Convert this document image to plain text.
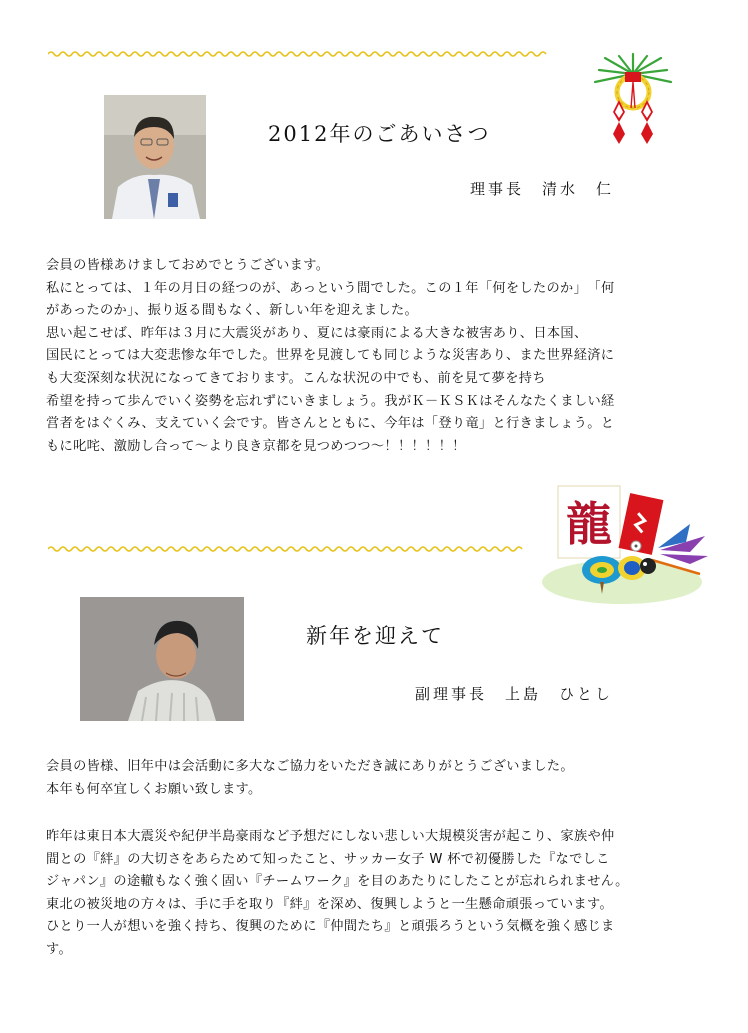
2012年のごあいさつ
理事長　清水　仁

会員の皆様あけましておめでとうございます。

私にとっては、１年の月日の経つのが、あっという間でした。この１年「何をしたのか」　「何

があったのか」、振り返る間もなく、新しい年を迎えました。

思い起こせば、昨年は３月に大震災があり、夏には豪雨による大きな被害あり、日本国、

国民にとっては大変悲惨な年でした。世界を見渡しても同じような災害あり、また世界経済に

も大変深刻な状況になってきております。こんな状況の中でも、前を見て夢を持ち

希望を持って歩んでいく姿勢を忘れずにいきましょう。我がＫ－ＫＳＫはそんなたくましい経

営者をはぐくみ、支えていく会です。皆さんとともに、今年は「登り竜」と行きましょう。と

もに叱咤、激励し合って～より良き京都を見つめつつ～！！！！！！

龍
新年を迎えて
副理事長　上島　ひとし

会員の皆様、旧年中は会活動に多大なご協力をいただき誠にありがとうございました。

本年も何卒宜しくお願い致します。

昨年は東日本大震災や紀伊半島豪雨など予想だにしない悲しい大規模災害が起こり、家族や仲

間との『絆』の大切さをあらためて知ったこと、サッカー女子 W 杯で初優勝した『なでしこ

ジャパン』の途轍もなく強く固い『チームワーク』を目のあたりにしたことが忘れられません。

東北の被災地の方々は、手に手を取り『絆』を深め、復興しようと一生懸命頑張っています。

ひとり一人が想いを強く持ち、復興のために『仲間たち』と頑張ろうという気概を強く感じま

す。
